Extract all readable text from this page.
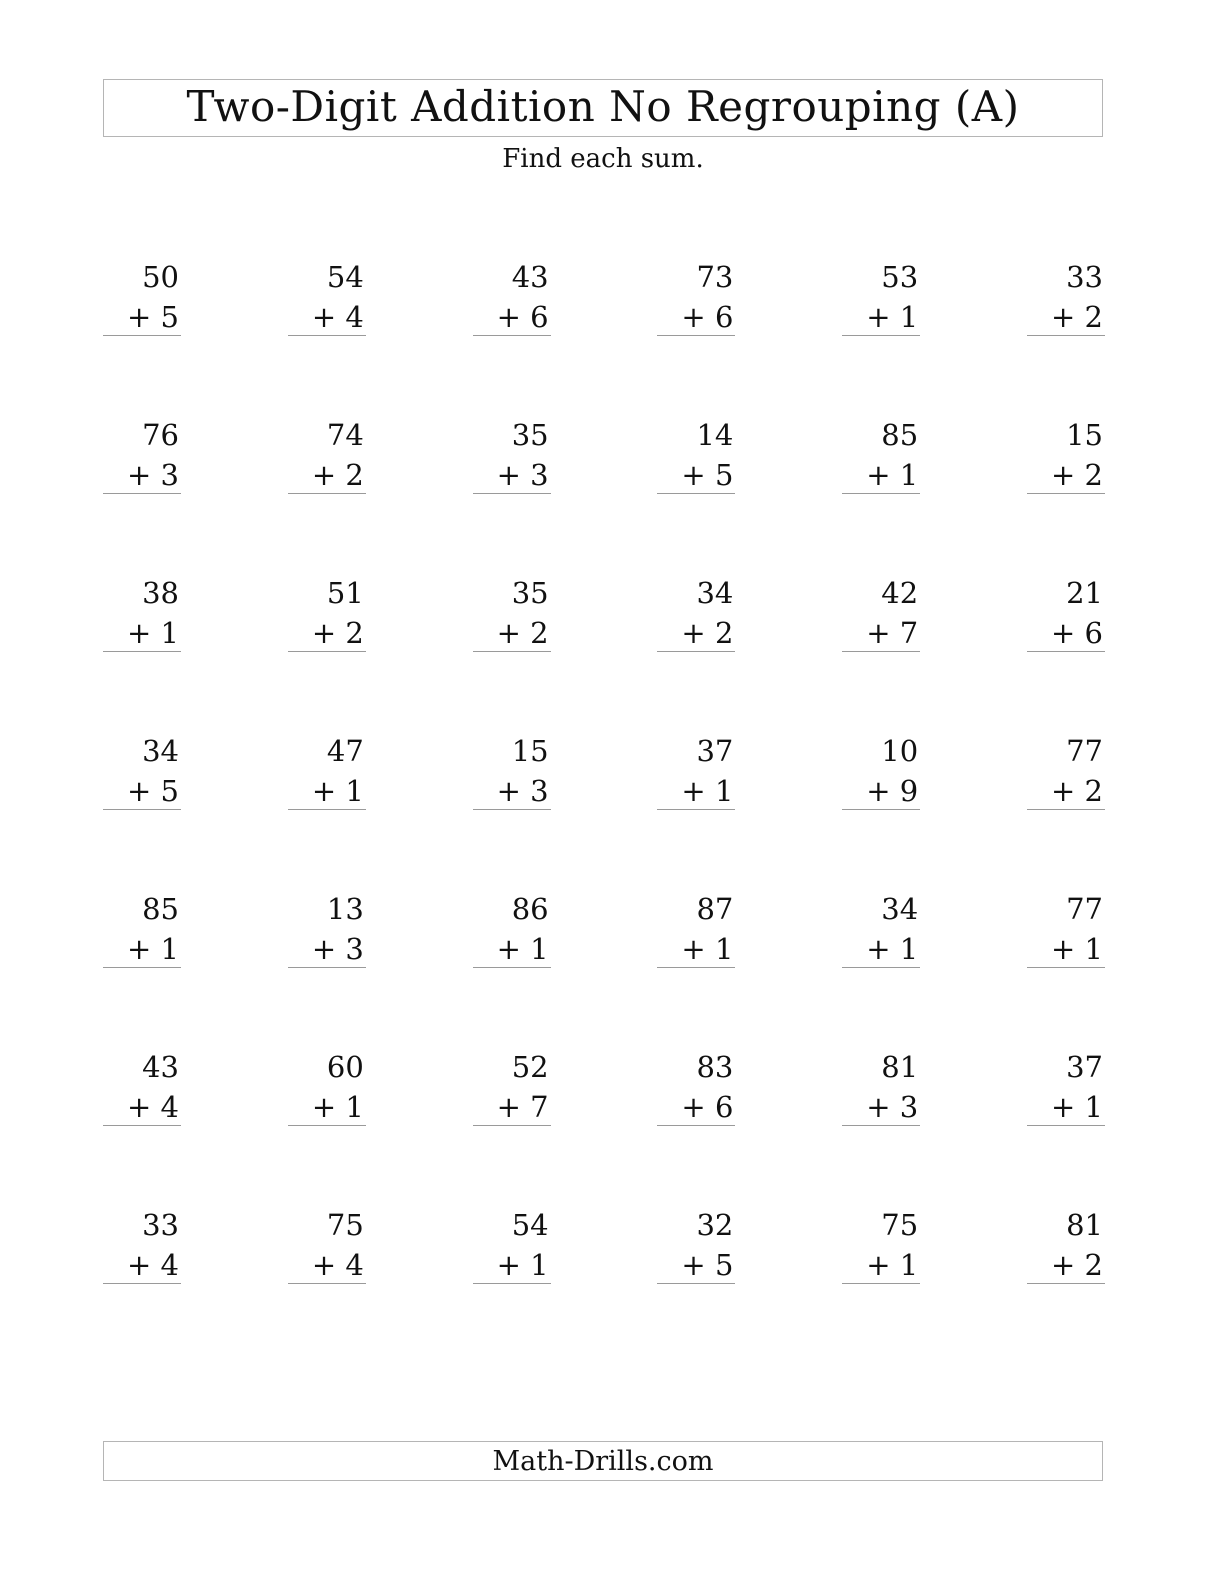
Two-Digit Addition No Regrouping (A)
Find each sum.
50
+ 5
54
+ 4
43
+ 6
73
+ 6
53
+ 1
33
+ 2
76
+ 3
74
+ 2
35
+ 3
14
+ 5
85
+ 1
15
+ 2
38
+ 1
51
+ 2
35
+ 2
34
+ 2
42
+ 7
21
+ 6
34
+ 5
47
+ 1
15
+ 3
37
+ 1
10
+ 9
77
+ 2
85
+ 1
13
+ 3
86
+ 1
87
+ 1
34
+ 1
77
+ 1
43
+ 4
60
+ 1
52
+ 7
83
+ 6
81
+ 3
37
+ 1
33
+ 4
75
+ 4
54
+ 1
32
+ 5
75
+ 1
81
+ 2
Math-Drills.com
